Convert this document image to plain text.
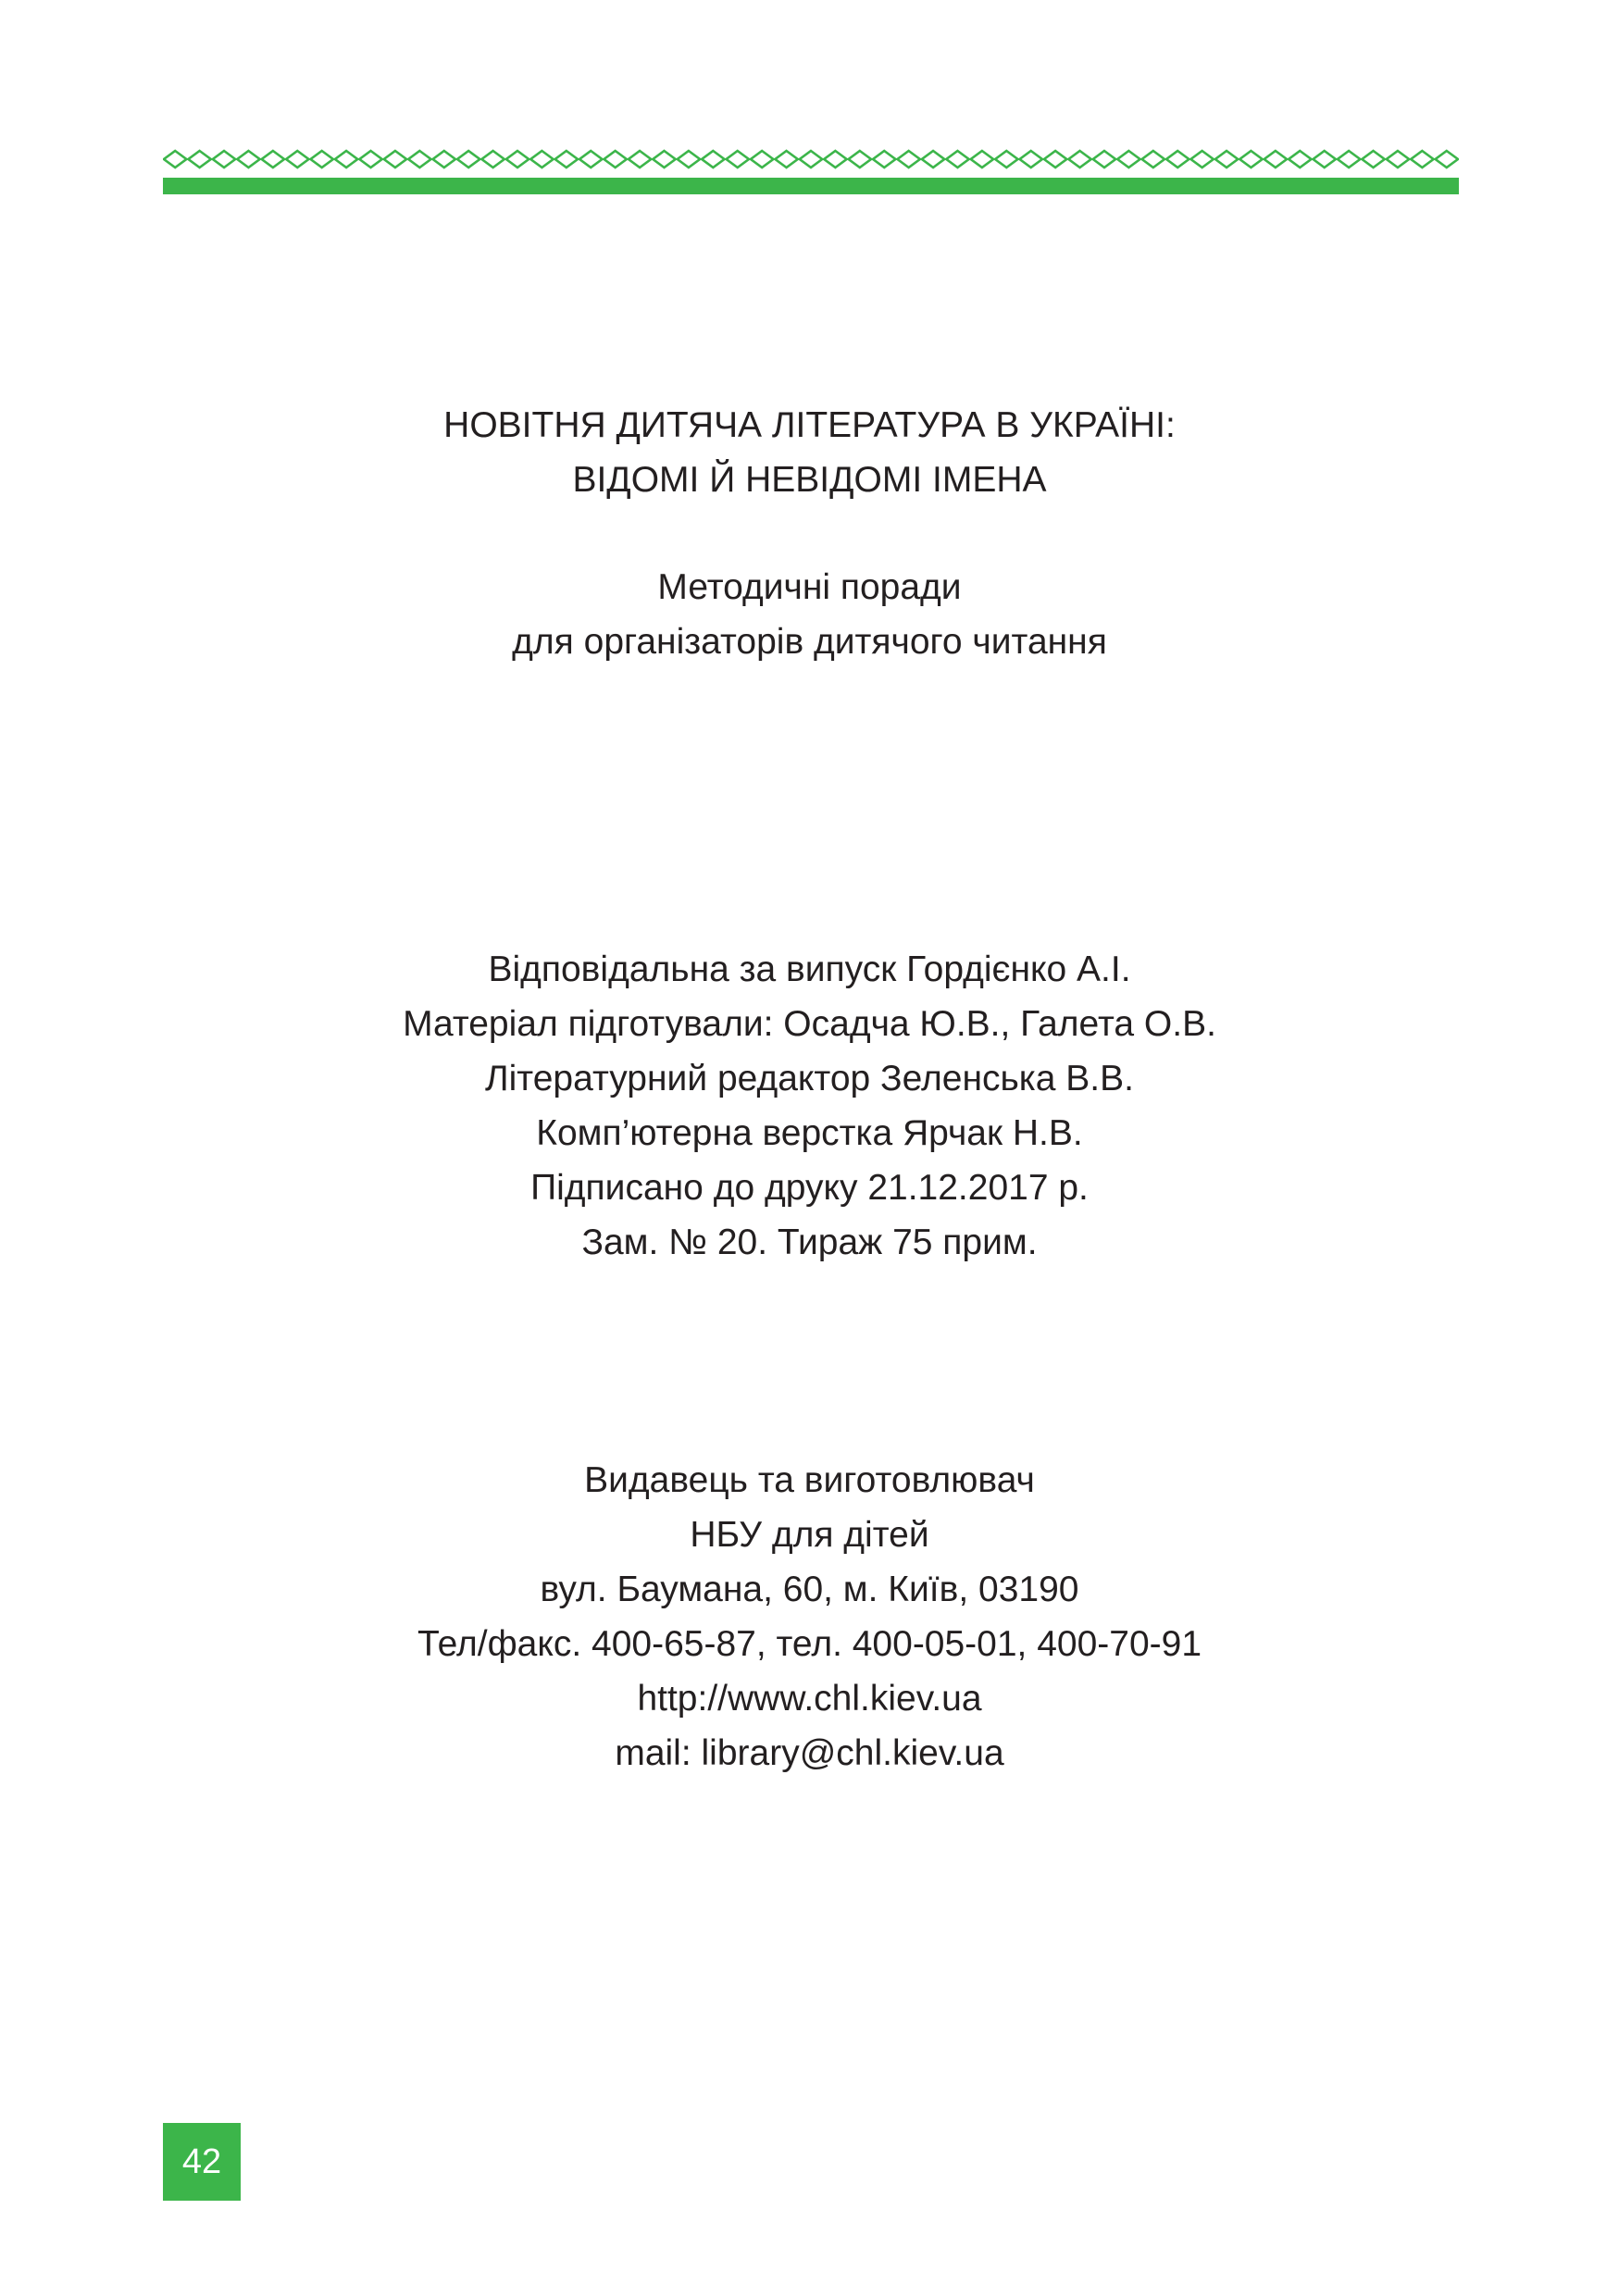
НОВІТНЯ ДИТЯЧА ЛІТЕРАТУРА В УКРАЇНІ:
ВІДОМІ Й НЕВІДОМІ ІМЕНА
Методичні поради
для організаторів дитячого читання
Відповідальна за випуск Гордієнко А.І.
Матеріал підготували: Осадча Ю.В., Галета О.В.
Літературний редактор Зеленська В.В.
Комп’ютерна верстка Ярчак Н.В.
Підписано до друку 21.12.2017 р.
Зам. № 20. Тираж 75 прим.
Видавець та виготовлювач
НБУ для дітей
вул. Баумана, 60, м. Київ, 03190
Тел/факс. 400-65-87, тел. 400-05-01, 400-70-91
http://www.chl.kiev.ua
mail: library@chl.kiev.ua
42
